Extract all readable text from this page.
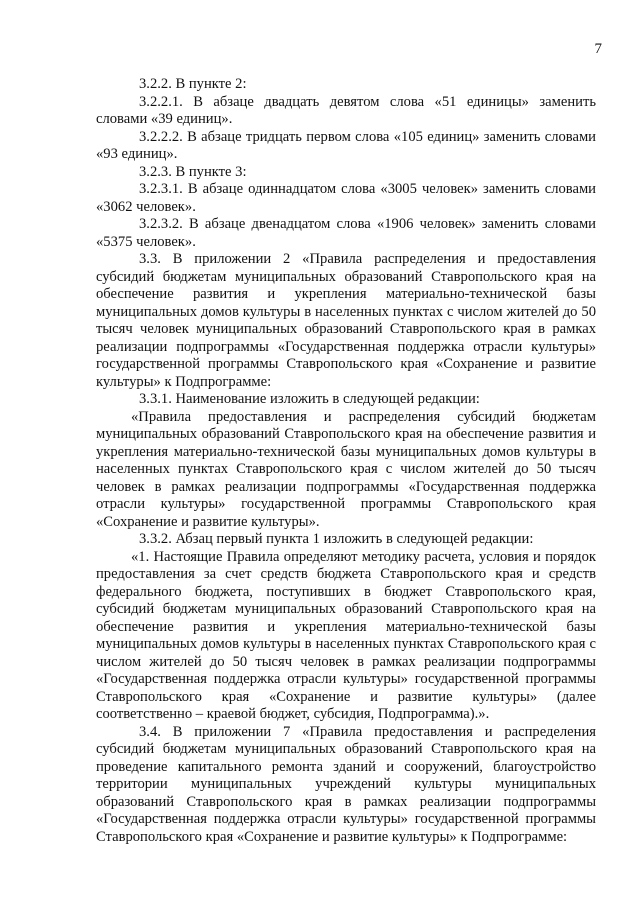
7

3.2.2. В пункте 2:

3.2.2.1. В абзаце двадцать девятом слова «51 единицы» заменить словами «39 единиц».

3.2.2.2. В абзаце тридцать первом слова «105 единиц» заменить словами «93 единиц».

3.2.3. В пункте 3:

3.2.3.1. В абзаце одиннадцатом слова «3005 человек» заменить словами «3062 человек».

3.2.3.2. В абзаце двенадцатом слова «1906 человек» заменить словами «5375 человек».

3.3. В приложении 2 «Правила распределения и предоставления субсидий бюджетам муниципальных образований Ставропольского края на обеспечение развития и укрепления материально-технической базы муниципальных домов культуры в населенных пунктах с числом жителей до 50 тысяч человек муниципальных образований Ставропольского края в рамках реализации подпрограммы «Государственная поддержка отрасли культуры» государственной программы Ставропольского края «Сохранение и развитие культуры» к Подпрограмме:

3.3.1. Наименование изложить в следующей редакции:

«Правила предоставления и распределения субсидий бюджетам муниципальных образований Ставропольского края на обеспечение развития и укрепления материально-технической базы муниципальных домов культуры в населенных пунктах Ставропольского края с числом жителей до 50 тысяч человек в рамках реализации подпрограммы «Государственная поддержка отрасли культуры» государственной программы Ставропольского края «Сохранение и развитие культуры».

3.3.2. Абзац первый пункта 1 изложить в следующей редакции:

«1. Настоящие Правила определяют методику расчета, условия и порядок предоставления за счет средств бюджета Ставропольского края и средств федерального бюджета, поступивших в бюджет Ставропольского края, субсидий бюджетам муниципальных образований Ставропольского края на обеспечение развития и укрепления материально-технической базы муниципальных домов культуры в населенных пунктах Ставропольского края с числом жителей до 50 тысяч человек в рамках реализации подпрограммы «Государственная поддержка отрасли культуры» государственной программы Ставропольского края «Сохранение и развитие культуры» (далее соответственно – краевой бюджет, субсидия, Подпрограмма).».

3.4. В приложении 7 «Правила предоставления и распределения субсидий бюджетам муниципальных образований Ставропольского края на проведение капитального ремонта зданий и сооружений, благоустройство территории муниципальных учреждений культуры муниципальных образований Ставропольского края в рамках реализации подпрограммы «Государственная поддержка отрасли культуры» государственной программы Ставропольского края «Сохранение и развитие культуры» к Подпрограмме:
